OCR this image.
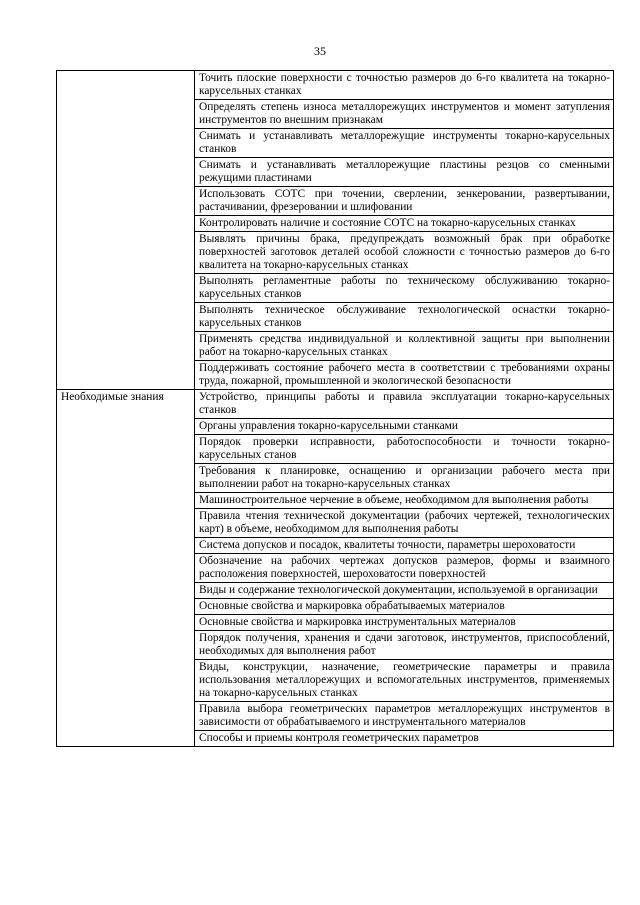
35
	Точить плоские поверхности с точностью размеров до 6-го квалитета на токарно-карусельных станках
	Определять степень износа металлорежущих инструментов и момент затупления инструментов по внешним признакам
	Снимать и устанавливать металлорежущие инструменты токарно-карусельных станков
	Снимать и устанавливать металлорежущие пластины резцов со сменными режущими пластинами
	Использовать СОТС при точении, сверлении, зенкеровании, развертывании, растачивании, фрезеровании и шлифовании
	Контролировать наличие и состояние СОТС на токарно-карусельных станках
	Выявлять причины брака, предупреждать возможный брак при обработке поверхностей заготовок деталей особой сложности с точностью размеров до 6-го квалитета на токарно-карусельных станках
	Выполнять регламентные работы по техническому обслуживанию токарно-карусельных станков
	Выполнять техническое обслуживание технологической оснастки токарно-карусельных станков
	Применять средства индивидуальной и коллективной защиты при выполнении работ на токарно-карусельных станках
	Поддерживать состояние рабочего места в соответствии с требованиями охраны труда, пожарной, промышленной и экологической безопасности
Необходимые знания	Устройство, принципы работы и правила эксплуатации токарно-карусельных станков
	Органы управления токарно-карусельными станками
	Порядок проверки исправности, работоспособности и точности токарно-карусельных станов
	Требования к планировке, оснащению и организации рабочего места при выполнении работ на токарно-карусельных станках
	Машиностроительное черчение в объеме, необходимом для выполнения работы
	Правила чтения технической документации (рабочих чертежей, технологических карт) в объеме, необходимом для выполнения работы
	Система допусков и посадок, квалитеты точности, параметры шероховатости
	Обозначение на рабочих чертежах допусков размеров, формы и взаимного расположения поверхностей, шероховатости поверхностей
	Виды и содержание технологической документации, используемой в организации
	Основные свойства и маркировка обрабатываемых материалов
	Основные свойства и маркировка инструментальных материалов
	Порядок получения, хранения и сдачи заготовок, инструментов, приспособлений, необходимых для выполнения работ
	Виды, конструкции, назначение, геометрические параметры и правила использования металлорежущих и вспомогательных инструментов, применяемых на токарно-карусельных станках
	Правила выбора геометрических параметров металлорежущих инструментов в зависимости от обрабатываемого и инструментального материалов
	Способы и приемы контроля геометрических параметров
